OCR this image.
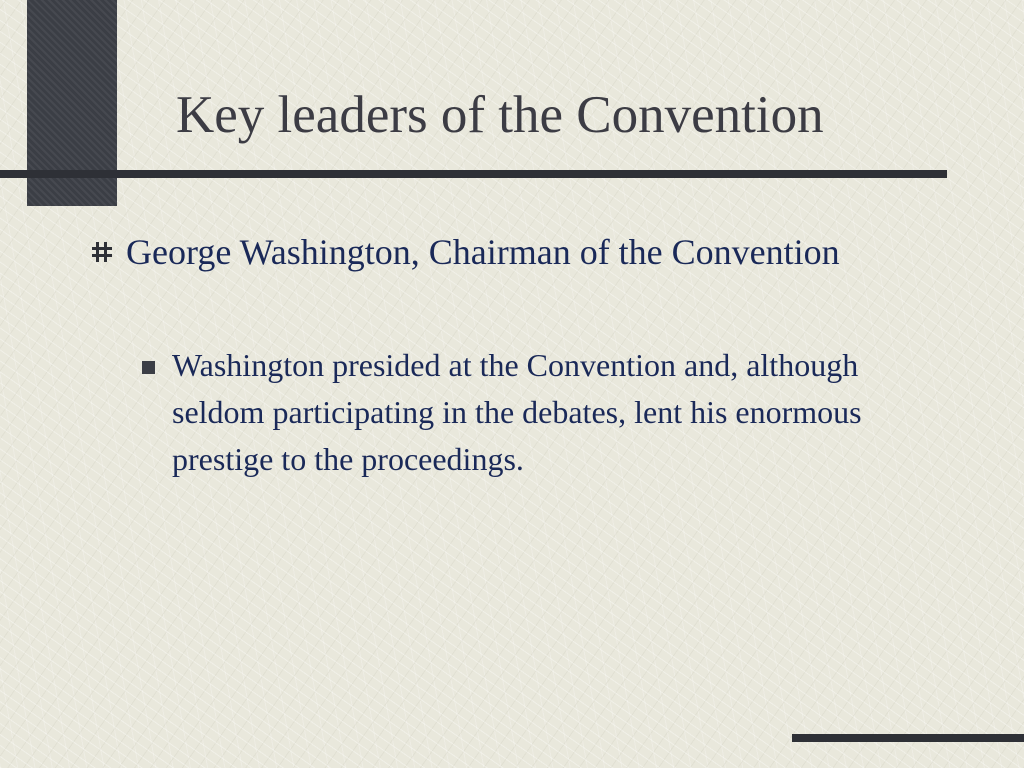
Key leaders of the Convention
George Washington, Chairman of the Convention
Washington presided at the Convention and, although seldom participating in the debates, lent his enormous prestige to the proceedings.
